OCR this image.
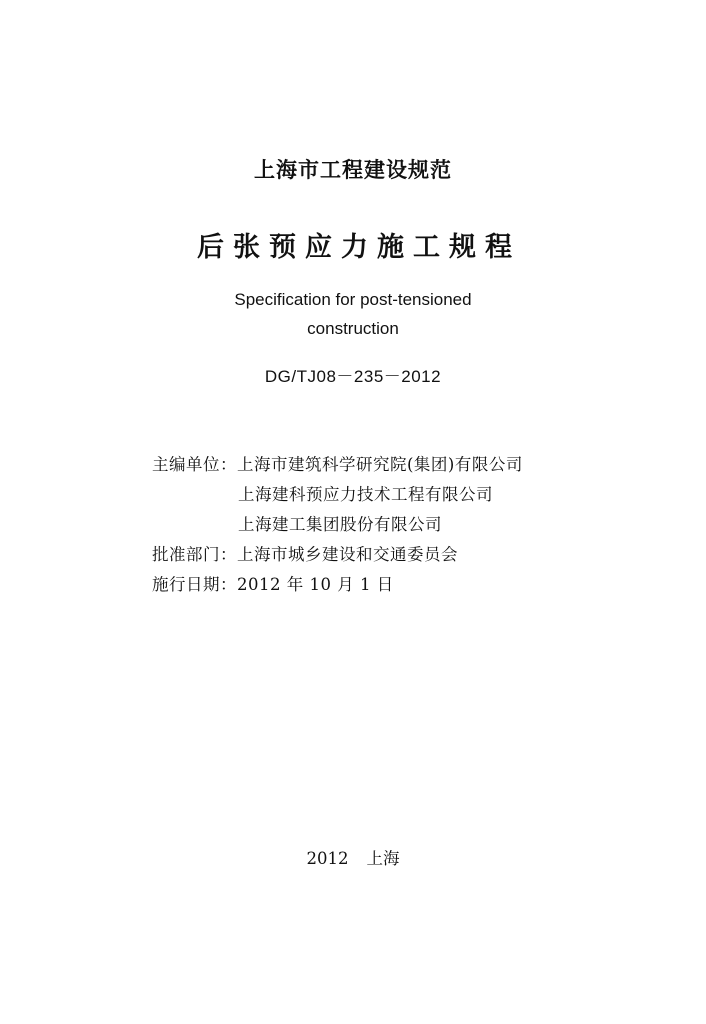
上海市工程建设规范
后张预应力施工规程
Specification for post-tensioned
construction
DG/TJ08－235－2012
主编单位：上海市建筑科学研究院(集团)有限公司
上海建科预应力技术工程有限公司
上海建工集团股份有限公司
批准部门：上海市城乡建设和交通委员会
施行日期：2012 年 10 月 1 日
2012 上海
